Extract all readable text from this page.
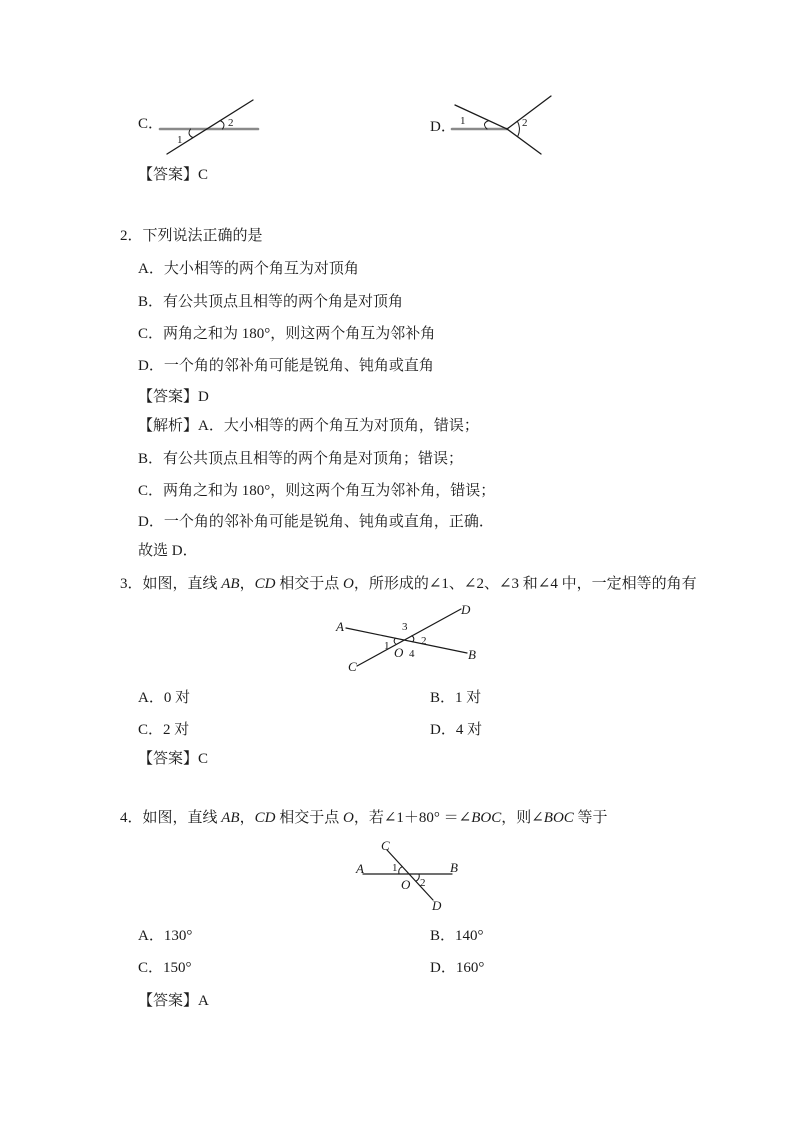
C．
1
2	D． 1	2
【答案】C
2．下列说法正确的是
A．大小相等的两个角互为对顶角
B．有公共顶点且相等的两个角是对顶角
C．两角之和为 180°，则这两个角互为邻补角
D．一个角的邻补角可能是锐角、钝角或直角
【答案】D
【解析】A．大小相等的两个角互为对顶角，错误；
B．有公共顶点且相等的两个角是对顶角；错误；
C．两角之和为 180°，则这两个角互为邻补角，错误；
D．一个角的邻补角可能是锐角、钝角或直角，正确．
故选 D．
3．如图，直线 AB，CD 相交于点 O，所形成的∠1、∠2、∠3 和∠4 中，一定相等的角有
A
D
C
B
O
3
1	2
4
A．0 对	B．1 对
C．2 对	D．4 对
【答案】C
4．如图，直线 AB，CD 相交于点 O，若∠1＋80° ＝∠BOC，则∠BOC 等于
C
A	B
O
D
1
2
A．130°	B．140°
C．150°	D．160°
【答案】A
